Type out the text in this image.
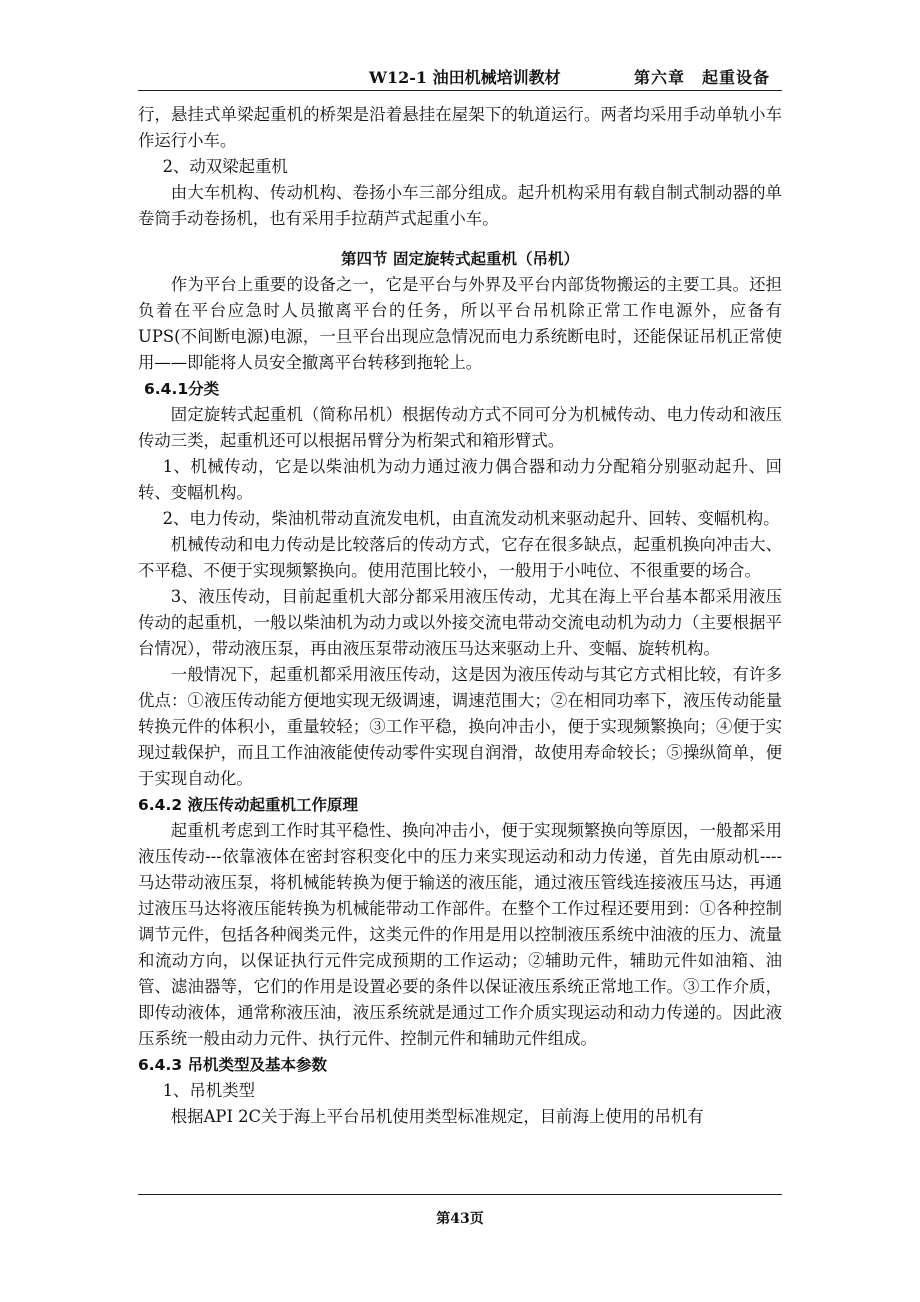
W12-1 油田机械培训教材	第六章　起重设备

行，悬挂式单梁起重机的桥架是沿着悬挂在屋架下的轨道运行。两者均采用手动单轨小车作运行小车。

2、动双梁起重机

由大车机构、传动机构、卷扬小车三部分组成。起升机构采用有载自制式制动器的单卷筒手动卷扬机，也有采用手拉葫芦式起重小车。

第四节 固定旋转式起重机（吊机）

作为平台上重要的设备之一，它是平台与外界及平台内部货物搬运的主要工具。还担负着在平台应急时人员撤离平台的任务，所以平台吊机除正常工作电源外，应备有UPS(不间断电源)电源，一旦平台出现应急情况而电力系统断电时，还能保证吊机正常使用——即能将人员安全撤离平台转移到拖轮上。

6.4.1分类

固定旋转式起重机（简称吊机）根据传动方式不同可分为机械传动、电力传动和液压传动三类，起重机还可以根据吊臂分为桁架式和箱形臂式。

1、机械传动，它是以柴油机为动力通过液力偶合器和动力分配箱分别驱动起升、回转、变幅机构。

2、电力传动，柴油机带动直流发电机，由直流发动机来驱动起升、回转、变幅机构。

机械传动和电力传动是比较落后的传动方式，它存在很多缺点，起重机换向冲击大、不平稳、不便于实现频繁换向。使用范围比较小，一般用于小吨位、不很重要的场合。

3、液压传动，目前起重机大部分都采用液压传动，尤其在海上平台基本都采用液压传动的起重机，一般以柴油机为动力或以外接交流电带动交流电动机为动力（主要根据平台情况），带动液压泵，再由液压泵带动液压马达来驱动上升、变幅、旋转机构。

一般情况下，起重机都采用液压传动，这是因为液压传动与其它方式相比较，有许多优点：①液压传动能方便地实现无级调速，调速范围大；②在相同功率下，液压传动能量转换元件的体积小，重量较轻；③工作平稳，换向冲击小，便于实现频繁换向；④便于实现过载保护，而且工作油液能使传动零件实现自润滑，故使用寿命较长；⑤操纵简单，便于实现自动化。

6.4.2 液压传动起重机工作原理

起重机考虑到工作时其平稳性、换向冲击小，便于实现频繁换向等原因，一般都采用液压传动---依靠液体在密封容积变化中的压力来实现运动和动力传递，首先由原动机----马达带动液压泵，将机械能转换为便于输送的液压能，通过液压管线连接液压马达，再通过液压马达将液压能转换为机械能带动工作部件。在整个工作过程还要用到：①各种控制调节元件，包括各种阀类元件，这类元件的作用是用以控制液压系统中油液的压力、流量和流动方向，以保证执行元件完成预期的工作运动；②辅助元件，辅助元件如油箱、油管、滤油器等，它们的作用是设置必要的条件以保证液压系统正常地工作。③工作介质，即传动液体，通常称液压油，液压系统就是通过工作介质实现运动和动力传递的。因此液压系统一般由动力元件、执行元件、控制元件和辅助元件组成。

6.4.3 吊机类型及基本参数

1、吊机类型

根据API 2C关于海上平台吊机使用类型标准规定，目前海上使用的吊机有

第43页
